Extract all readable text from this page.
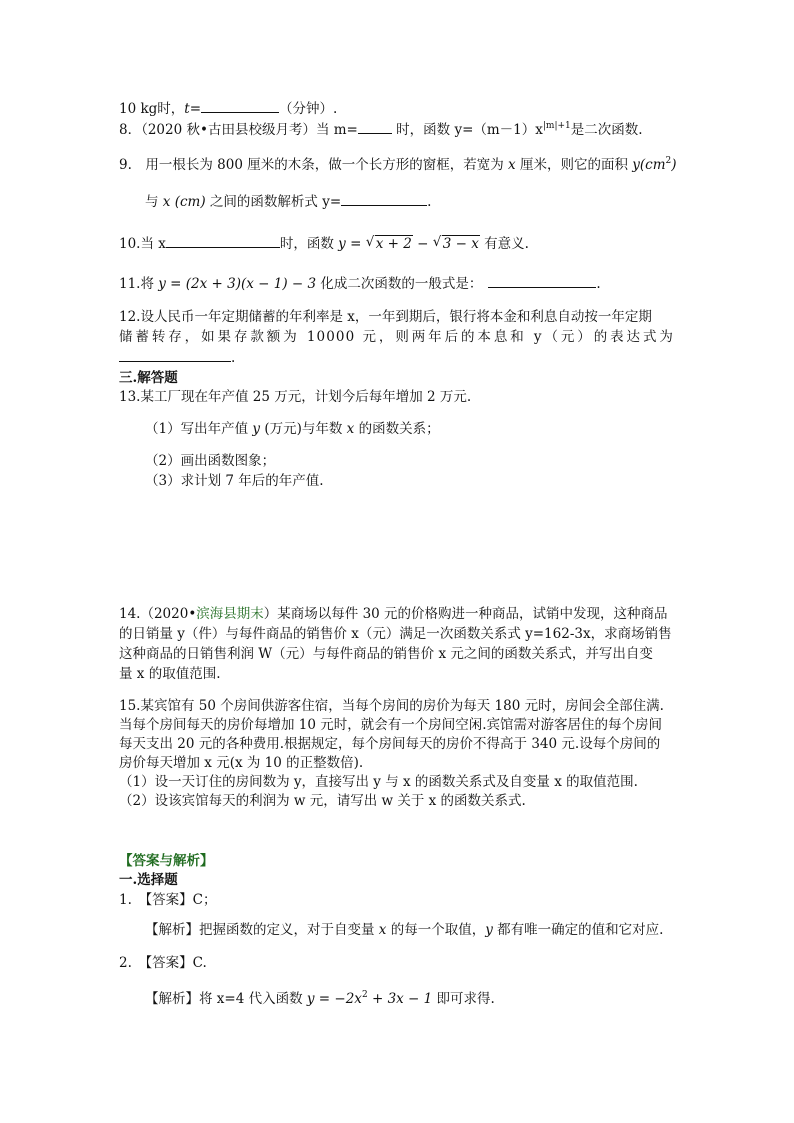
10 kg时，t=	（分钟）.
8．（2020 秋•古田县校级月考）当 m=	时，函数 $y=(m-1)x^{|m|+1}$是二次函数.
9.　用一根长为 800 厘米的木条，做一个长方形的窗框，若宽为 x 厘米，则它的面积 $y(cm^2)$
与 x (cm) 之间的函数解析式 y=	.
10.当 x	时，函数 y = √ x + 2 − √ 3 − x 有意义.
11.将 y = (2x + 3)(x − 1) − 3 化成二次函数的一般式是：	.
12.设人民币一年定期储蓄的年利率是 x，一年到期后，银行将本金和利息自动按一年定期
储蓄转存，如果存款额为 10000 元，则两年后的本息和 y（元）的表达式为
.
三.解答题
13.某工厂现在年产值 25 万元，计划今后每年增加 2 万元.
（1）写出年产值 y (万元)与年数 x 的函数关系；
（2）画出函数图象；
（3）求计划 7 年后的年产值.
14.（2020•滨海县期末）某商场以每件 30 元的价格购进一种商品，试销中发现，这种商品
的日销量 y（件）与每件商品的销售价 x（元）满足一次函数关系式 y=162-3x，求商场销售
这种商品的日销售利润 W（元）与每件商品的销售价 x 元之间的函数关系式，并写出自变
量 x 的取值范围.
15.某宾馆有 50 个房间供游客住宿，当每个房间的房价为每天 180 元时，房间会全部住满.
当每个房间每天的房价每增加 10 元时，就会有一个房间空闲.宾馆需对游客居住的每个房间
每天支出 20 元的各种费用.根据规定，每个房间每天的房价不得高于 340 元.设每个房间的
房价每天增加 x 元(x 为 10 的正整数倍).
（1）设一天订住的房间数为 y，直接写出 y 与 x 的函数关系式及自变量 x 的取值范围.
（2）设该宾馆每天的利润为 w 元，请写出 w 关于 x 的函数关系式.
【答案与解析】
一.选择题
1.　【答案】C；
【解析】把握函数的定义，对于自变量 x 的每一个取值，y 都有唯一确定的值和它对应.
2.　【答案】C.
【解析】将 x=4 代入函数 $y = -2x^2 + 3x - 1$ 即可求得.
